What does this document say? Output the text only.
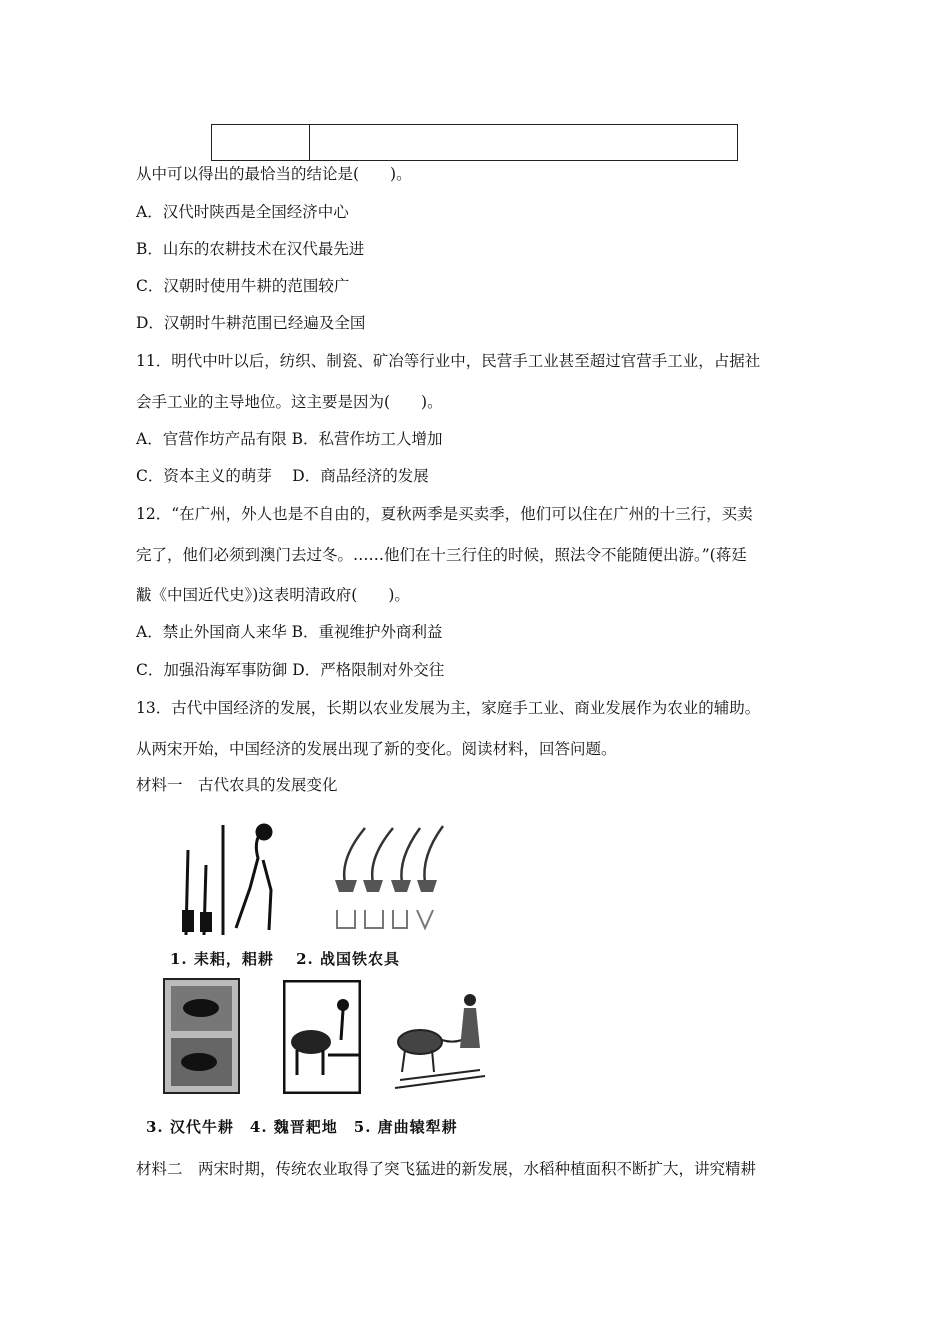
从中可以得出的最恰当的结论是(　　)。
A．汉代时陕西是全国经济中心
B．山东的农耕技术在汉代最先进
C．汉朝时使用牛耕的范围较广
D．汉朝时牛耕范围已经遍及全国
11．明代中叶以后，纺织、制瓷、矿冶等行业中，民营手工业甚至超过官营手工业，占据社
会手工业的主导地位。这主要是因为(　　)。
A．官营作坊产品有限 B．私营作坊工人增加
C．资本主义的萌芽　 D．商品经济的发展
12．“在广州，外人也是不自由的，夏秋两季是买卖季，他们可以住在广州的十三行，买卖
完了，他们必须到澳门去过冬。……他们在十三行住的时候，照法令不能随便出游。”(蒋廷
黻《中国近代史》)这表明清政府(　　)。
A．禁止外国商人来华 B．重视维护外商利益
C．加强沿海军事防御 D．严格限制对外交往
13．古代中国经济的发展，长期以农业发展为主，家庭手工业、商业发展作为农业的辅助。
从两宋开始，中国经济的发展出现了新的变化。阅读材料，回答问题。
材料一　古代农具的发展变化
1. 耒耜，耜耕　 2. 战国铁农具
3. 汉代牛耕　4. 魏晋耙地　5. 唐曲辕犁耕
材料二　两宋时期，传统农业取得了突飞猛进的新发展，水稻种植面积不断扩大，讲究精耕
